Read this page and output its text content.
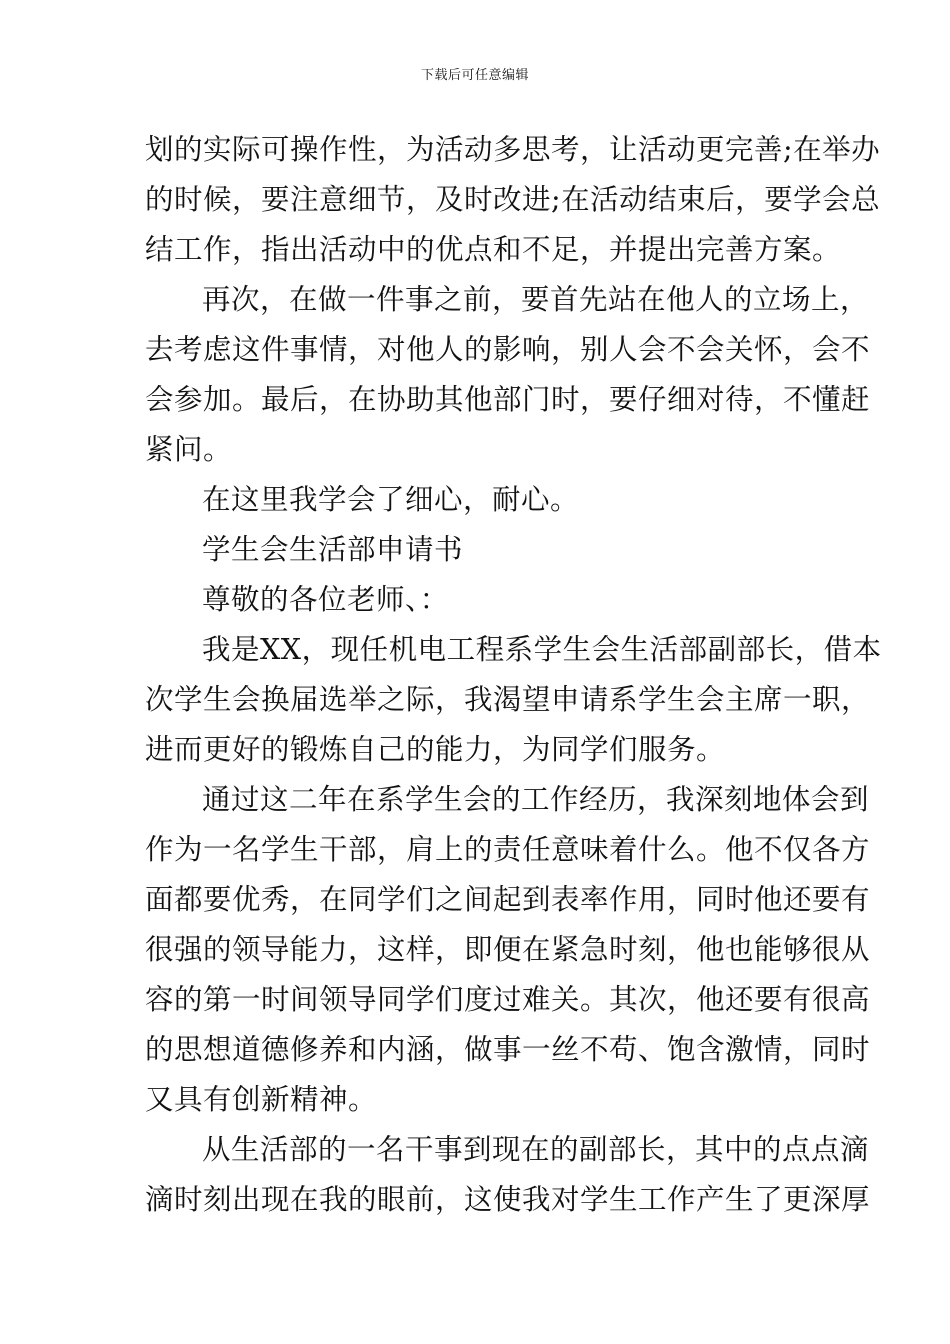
下载后可任意编辑
划的实际可操作性，为活动多思考，让活动更完善;在举办
的时候，要注意细节，及时改进;在活动结束后，要学会总
结工作，指出活动中的优点和不足，并提出完善方案。
再次，在做一件事之前，要首先站在他人的立场上，
去考虑这件事情，对他人的影响，别人会不会关怀，会不
会参加。最后，在协助其他部门时，要仔细对待，不懂赶
紧问。
在这里我学会了细心，耐心。
学生会生活部申请书
尊敬的各位老师、：
我是XX，现任机电工程系学生会生活部副部长，借本
次学生会换届选举之际，我渴望申请系学生会主席一职，
进而更好的锻炼自己的能力，为同学们服务。
通过这二年在系学生会的工作经历，我深刻地体会到
作为一名学生干部，肩上的责任意味着什么。他不仅各方
面都要优秀，在同学们之间起到表率作用，同时他还要有
很强的领导能力，这样，即便在紧急时刻，他也能够很从
容的第一时间领导同学们度过难关。其次，他还要有很高
的思想道德修养和内涵，做事一丝不苟、饱含激情，同时
又具有创新精神。
从生活部的一名干事到现在的副部长，其中的点点滴
滴时刻出现在我的眼前，这使我对学生工作产生了更深厚
